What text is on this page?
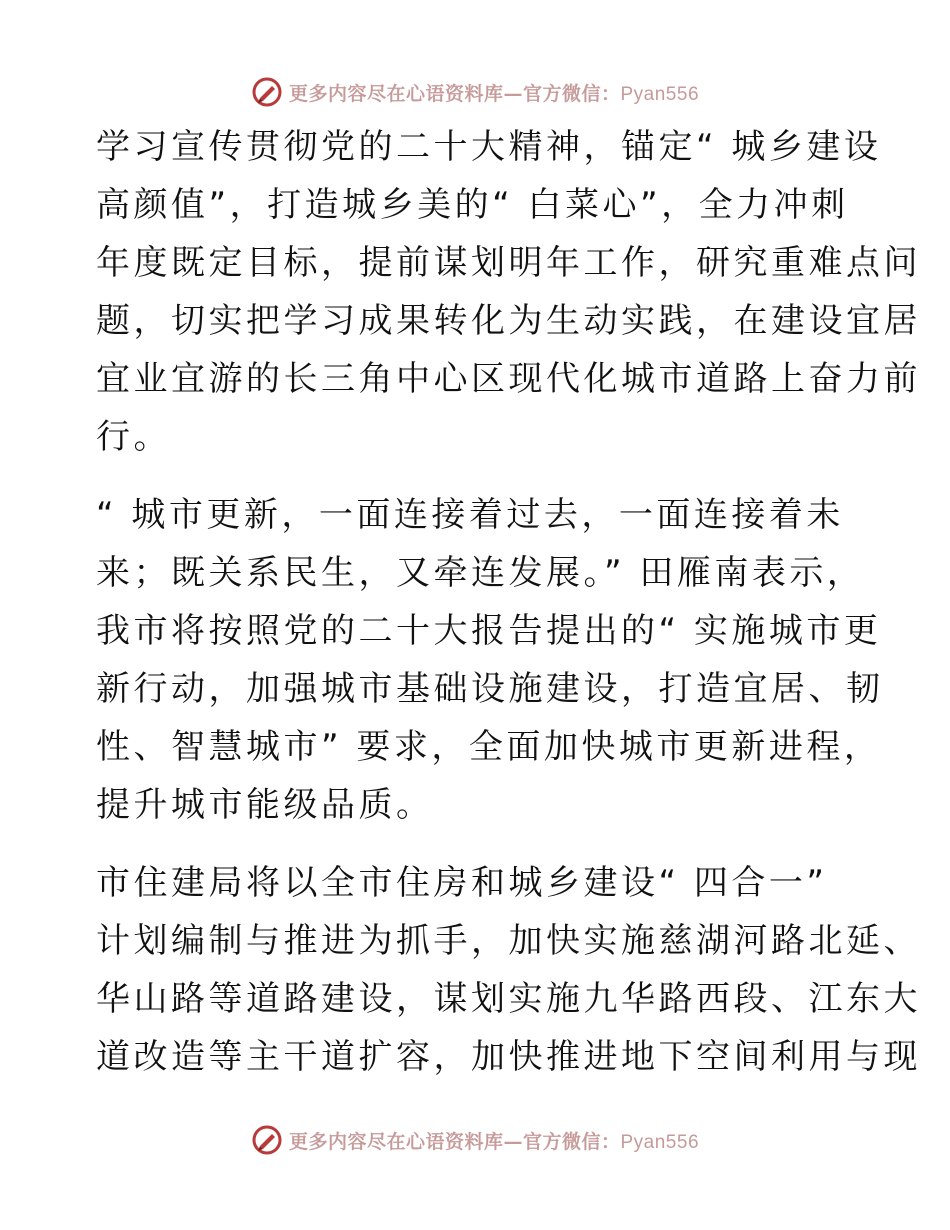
更多内容尽在心语资料库—官方微信：Pyan556
学习宣传贯彻党的二十大精神，锚定“ 城乡建设
高颜值”，打造城乡美的“ 白菜心”，全力冲刺
年度既定目标，提前谋划明年工作，研究重难点问
题，切实把学习成果转化为生动实践，在建设宜居
宜业宜游的长三角中心区现代化城市道路上奋力前
行。
“ 城市更新，一面连接着过去，一面连接着未
来；既关系民生，又牵连发展。” 田雁南表示，
我市将按照党的二十大报告提出的“ 实施城市更
新行动，加强城市基础设施建设，打造宜居、韧
性、智慧城市” 要求，全面加快城市更新进程，
提升城市能级品质。
市住建局将以全市住房和城乡建设“ 四合一”
计划编制与推进为抓手，加快实施慈湖河路北延、
华山路等道路建设，谋划实施九华路西段、江东大
道改造等主干道扩容，加快推进地下空间利用与现
更多内容尽在心语资料库—官方微信：Pyan556
